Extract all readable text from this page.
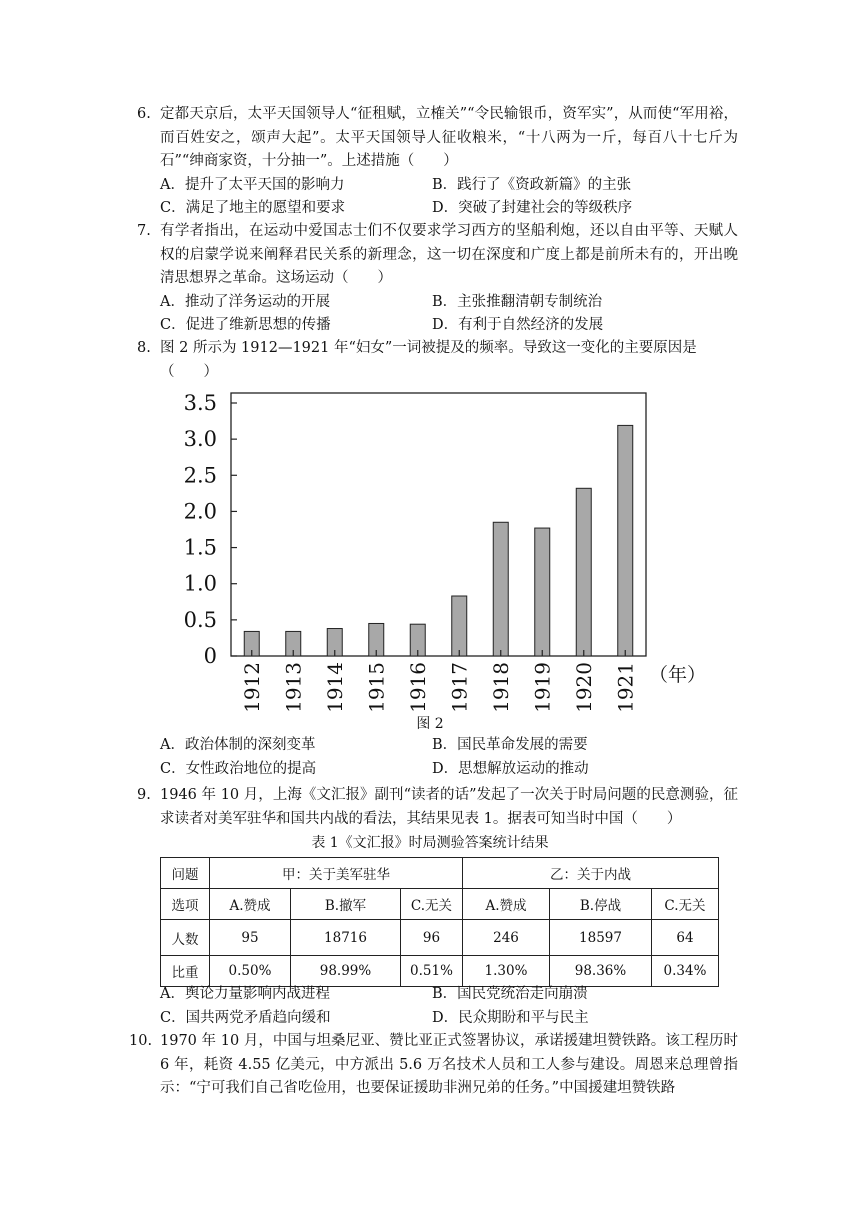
6. 定都天京后，太平天国领导人“征租赋，立榷关”“令民输银币，资军实”，从而使“军用裕，而百姓安之，颂声大起”。太平天国领导人征收粮米，“十八两为一斤，每百八十七斤为石”“绅商家资，十分抽一”。上述措施（　　）
A．提升了太平天国的影响力	B．践行了《资政新篇》的主张
C．满足了地主的愿望和要求	D．突破了封建社会的等级秩序
7. 有学者指出，在运动中爱国志士们不仅要求学习西方的坚船利炮，还以自由平等、天赋人权的启蒙学说来阐释君民关系的新理念，这一切在深度和广度上都是前所未有的，开出晚清思想界之革命。这场运动（　　）
A．推动了洋务运动的开展	B．主张推翻清朝专制统治
C．促进了维新思想的传播	D．有利于自然经济的发展
8. 图 2 所示为 1912—1921 年“妇女”一词被提及的频率。导致这一变化的主要原因是
（　　）
0
0.5
1.0
1.5
2.0
2.5
3.0
3.5
1912 1913 1914 1915 1916 1917 1918 1919 1920 1921 （年）
图 2
A．政治体制的深刻变革	B．国民革命发展的需要
C．女性政治地位的提高	D．思想解放运动的推动
9. 1946 年 10 月，上海《文汇报》副刊“读者的话”发起了一次关于时局问题的民意测验，征求读者对美军驻华和国共内战的看法，其结果见表 1。据表可知当时中国（　　）
表 1《文汇报》时局测验答案统计结果
问题	甲：关于美军驻华			乙：关于内战		
选项	A.赞成	B.撤军	C.无关	A.赞成	B.停战	C.无关
人数	95	18716	96	246	18597	64
比重	0.50%	98.99%	0.51%	1.30%	98.36%	0.34%
A．舆论力量影响内战进程	B．国民党统治走向崩溃
C．国共两党矛盾趋向缓和	D．民众期盼和平与民主
10. 1970 年 10 月，中国与坦桑尼亚、赞比亚正式签署协议，承诺援建坦赞铁路。该工程历时 6 年，耗资 4.55 亿美元，中方派出 5.6 万名技术人员和工人参与建设。周恩来总理曾指示：“宁可我们自己省吃俭用，也要保证援助非洲兄弟的任务。”中国援建坦赞铁路
